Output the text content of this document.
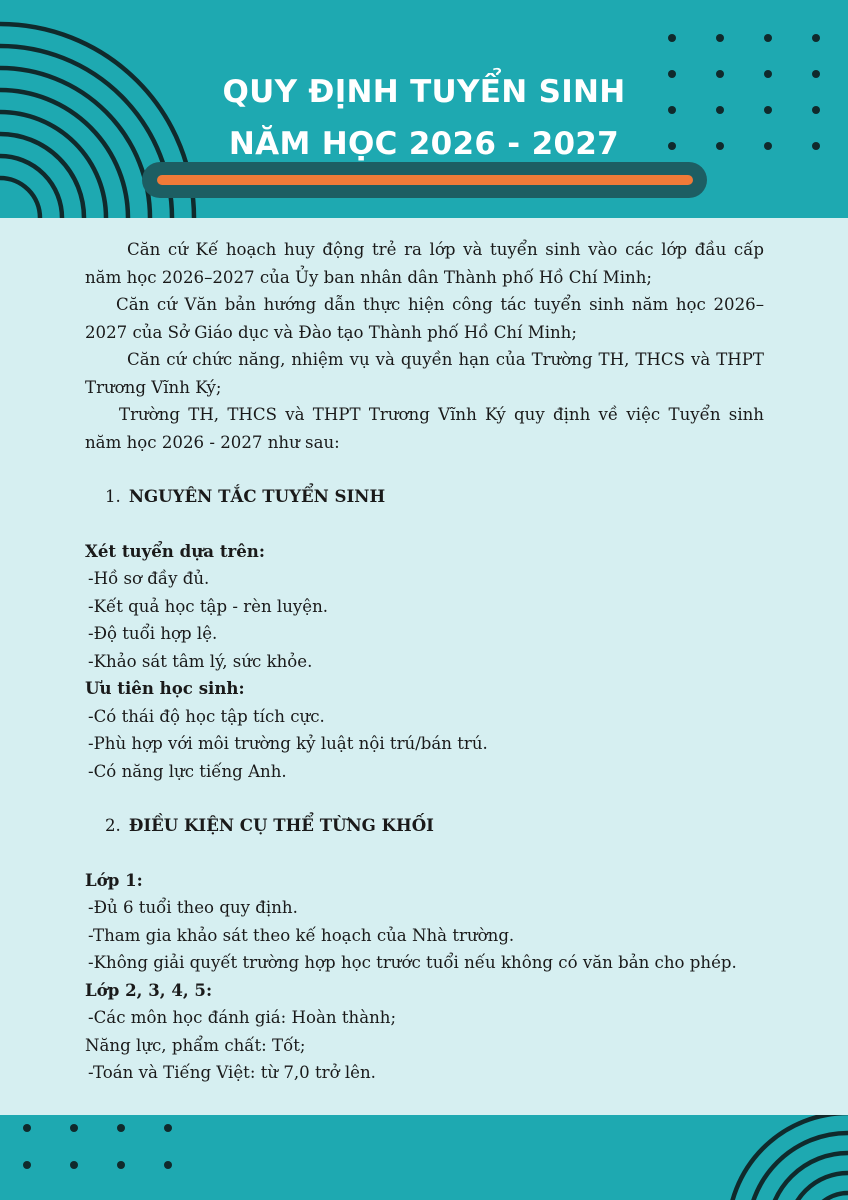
QUY ĐỊNH TUYỂN SINH
NĂM HỌC 2026 - 2027

Căn cứ Kế hoạch huy động trẻ ra lớp và tuyển sinh vào các lớp đầu cấp năm học 2026–2027 của Ủy ban nhân dân Thành phố Hồ Chí Minh;

Căn cứ Văn bản hướng dẫn thực hiện công tác tuyển sinh năm học 2026–2027 của Sở Giáo dục và Đào tạo Thành phố Hồ Chí Minh;

Căn cứ chức năng, nhiệm vụ và quyền hạn của Trường TH, THCS và THPT Trương Vĩnh Ký;

Trường TH, THCS và THPT Trương Vĩnh Ký quy định về việc Tuyển sinh năm học 2026 - 2027 như sau:

1. NGUYÊN TẮC TUYỂN SINH

Xét tuyển dựa trên:

-Hồ sơ đầy đủ.

-Kết quả học tập - rèn luyện.

-Độ tuổi hợp lệ.

-Khảo sát tâm lý, sức khỏe.

Ưu tiên học sinh:

-Có thái độ học tập tích cực.

-Phù hợp với môi trường kỷ luật nội trú/bán trú.

-Có năng lực tiếng Anh.

2. ĐIỀU KIỆN CỤ THỂ TỪNG KHỐI

Lớp 1:

-Đủ 6 tuổi theo quy định.

-Tham gia khảo sát theo kế hoạch của Nhà trường.

-Không giải quyết trường hợp học trước tuổi nếu không có văn bản cho phép.

Lớp 2, 3, 4, 5:

-Các môn học đánh giá: Hoàn thành;

Năng lực, phẩm chất: Tốt;

-Toán và Tiếng Việt: từ 7,0 trở lên.
